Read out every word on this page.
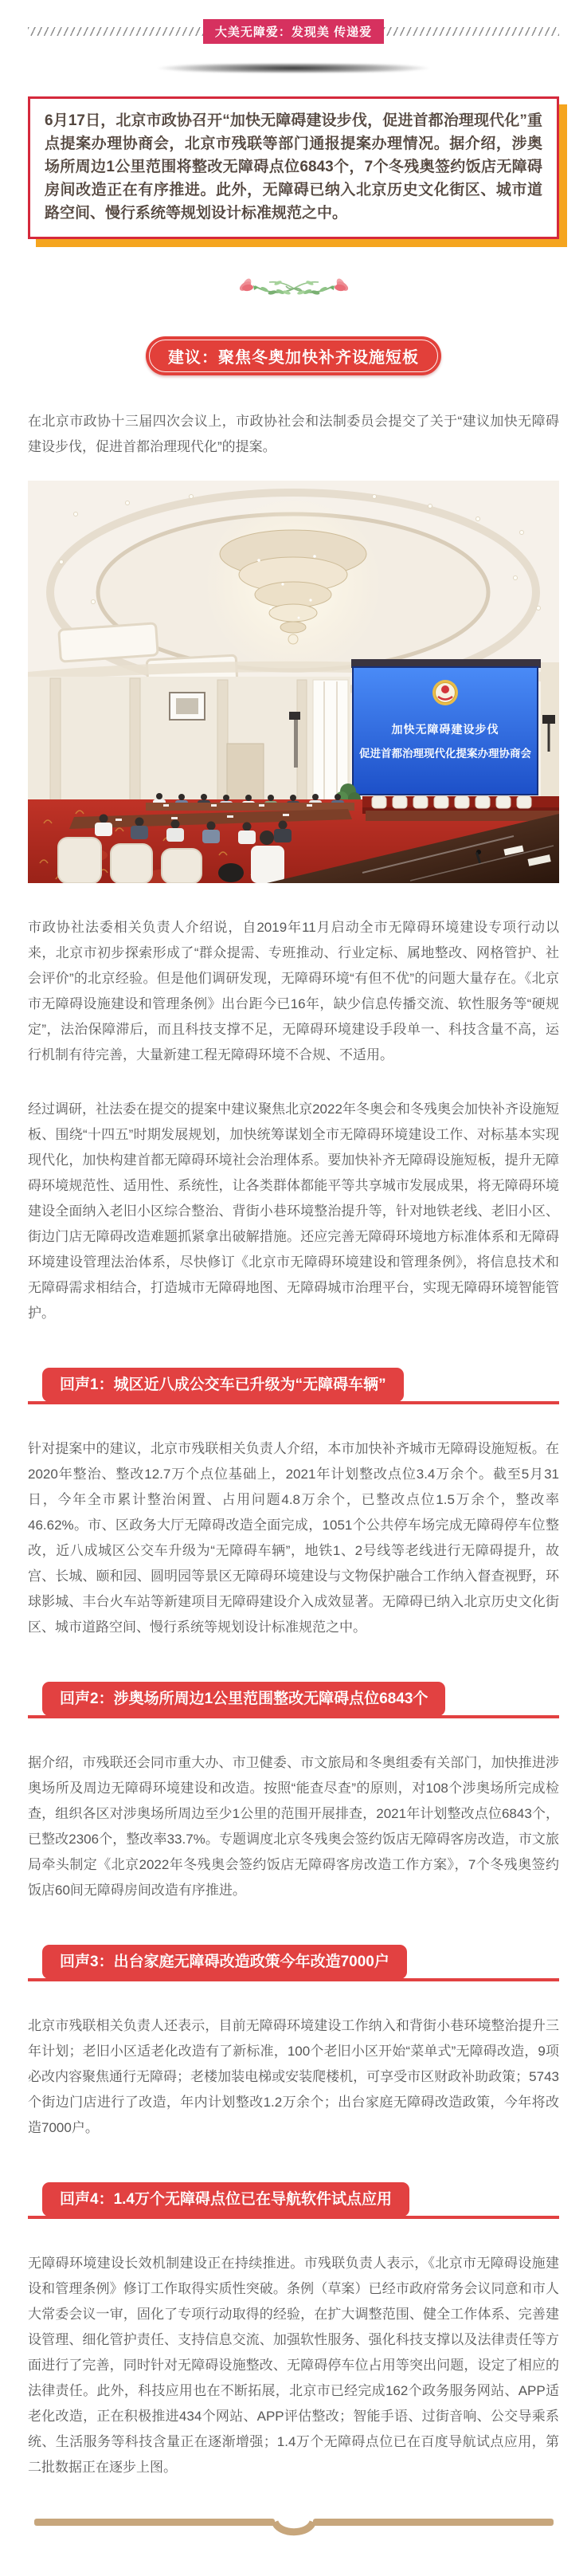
大美无障爱：发现美 传递爱
6月17日，北京市政协召开“加快无障碍建设步伐，促进首都治理现代化”重点提案办理协商会，北京市残联等部门通报提案办理情况。据介绍，涉奥场所周边1公里范围将整改无障碍点位6843个，7个冬残奥签约饭店无障碍房间改造正在有序推进。此外，无障碍已纳入北京历史文化街区、城市道路空间、慢行系统等规划设计标准规范之中。
建议：聚焦冬奥加快补齐设施短板

在北京市政协十三届四次会议上，市政协社会和法制委员会提交了关于“建议加快无障碍建设步伐，促进首都治理现代化”的提案。

加快无障碍建设步伐
促进首都治理现代化提案办理协商会

市政协社法委相关负责人介绍说，自2019年11月启动全市无障碍环境建设专项行动以来，北京市初步探索形成了“群众提需、专班推动、行业定标、属地整改、网格管护、社会评价”的北京经验。但是他们调研发现，无障碍环境“有但不优”的问题大量存在。《北京市无障碍设施建设和管理条例》出台距今已16年，缺少信息传播交流、软性服务等“硬规定”，法治保障滞后，而且科技支撑不足，无障碍环境建设手段单一、科技含量不高，运行机制有待完善，大量新建工程无障碍环境不合规、不适用。

经过调研，社法委在提交的提案中建议聚焦北京2022年冬奥会和冬残奥会加快补齐设施短板、围绕“十四五”时期发展规划，加快统筹谋划全市无障碍环境建设工作、对标基本实现现代化，加快构建首都无障碍环境社会治理体系。要加快补齐无障碍设施短板，提升无障碍环境规范性、适用性、系统性，让各类群体都能平等共享城市发展成果，将无障碍环境建设全面纳入老旧小区综合整治、背街小巷环境整治提升等，针对地铁老线、老旧小区、街边门店无障碍改造难题抓紧拿出破解措施。还应完善无障碍环境地方标准体系和无障碍环境建设管理法治体系，尽快修订《北京市无障碍环境建设和管理条例》，将信息技术和无障碍需求相结合，打造城市无障碍地图、无障碍城市治理平台，实现无障碍环境智能管护。

回声1：城区近八成公交车已升级为“无障碍车辆”

针对提案中的建议，北京市残联相关负责人介绍，本市加快补齐城市无障碍设施短板。在2020年整治、整改12.7万个点位基础上，2021年计划整改点位3.4万余个。截至5月31日，今年全市累计整治闲置、占用问题4.8万余个，已整改点位1.5万余个，整改率46.62%。市、区政务大厅无障碍改造全面完成，1051个公共停车场完成无障碍停车位整改，近八成城区公交车升级为“无障碍车辆”，地铁1、2号线等老线进行无障碍提升，故宫、长城、颐和园、圆明园等景区无障碍环境建设与文物保护融合工作纳入督查视野，环球影城、丰台火车站等新建项目无障碍建设介入成效显著。无障碍已纳入北京历史文化街区、城市道路空间、慢行系统等规划设计标准规范之中。

回声2：涉奥场所周边1公里范围整改无障碍点位6843个

据介绍，市残联还会同市重大办、市卫健委、市文旅局和冬奥组委有关部门，加快推进涉奥场所及周边无障碍环境建设和改造。按照“能查尽查”的原则，对108个涉奥场所完成检查，组织各区对涉奥场所周边至少1公里的范围开展排查，2021年计划整改点位6843个，已整改2306个，整改率33.7%。专题调度北京冬残奥会签约饭店无障碍客房改造，市文旅局牵头制定《北京2022年冬残奥会签约饭店无障碍客房改造工作方案》，7个冬残奥签约饭店60间无障碍房间改造有序推进。

回声3：出台家庭无障碍改造政策今年改造7000户

北京市残联相关负责人还表示，目前无障碍环境建设工作纳入和背街小巷环境整治提升三年计划；老旧小区适老化改造有了新标准，100个老旧小区开始“菜单式”无障碍改造，9项必改内容聚焦通行无障碍；老楼加装电梯或安装爬楼机，可享受市区财政补助政策；5743个街边门店进行了改造，年内计划整改1.2万余个；出台家庭无障碍改造政策，今年将改造7000户。

回声4：1.4万个无障碍点位已在导航软件试点应用

无障碍环境建设长效机制建设正在持续推进。市残联负责人表示，《北京市无障碍设施建设和管理条例》修订工作取得实质性突破。条例（草案）已经市政府常务会议同意和市人大常委会议一审，固化了专项行动取得的经验，在扩大调整范围、健全工作体系、完善建设管理、细化管护责任、支持信息交流、加强软性服务、强化科技支撑以及法律责任等方面进行了完善，同时针对无障碍设施整改、无障碍停车位占用等突出问题，设定了相应的法律责任。此外，科技应用也在不断拓展，北京市已经完成162个政务服务网站、APP适老化改造，正在积极推进434个网站、APP评估整改；智能手语、过街音响、公交导乘系统、生活服务等科技含量正在逐渐增强；1.4万个无障碍点位已在百度导航试点应用，第二批数据正在逐步上图。
